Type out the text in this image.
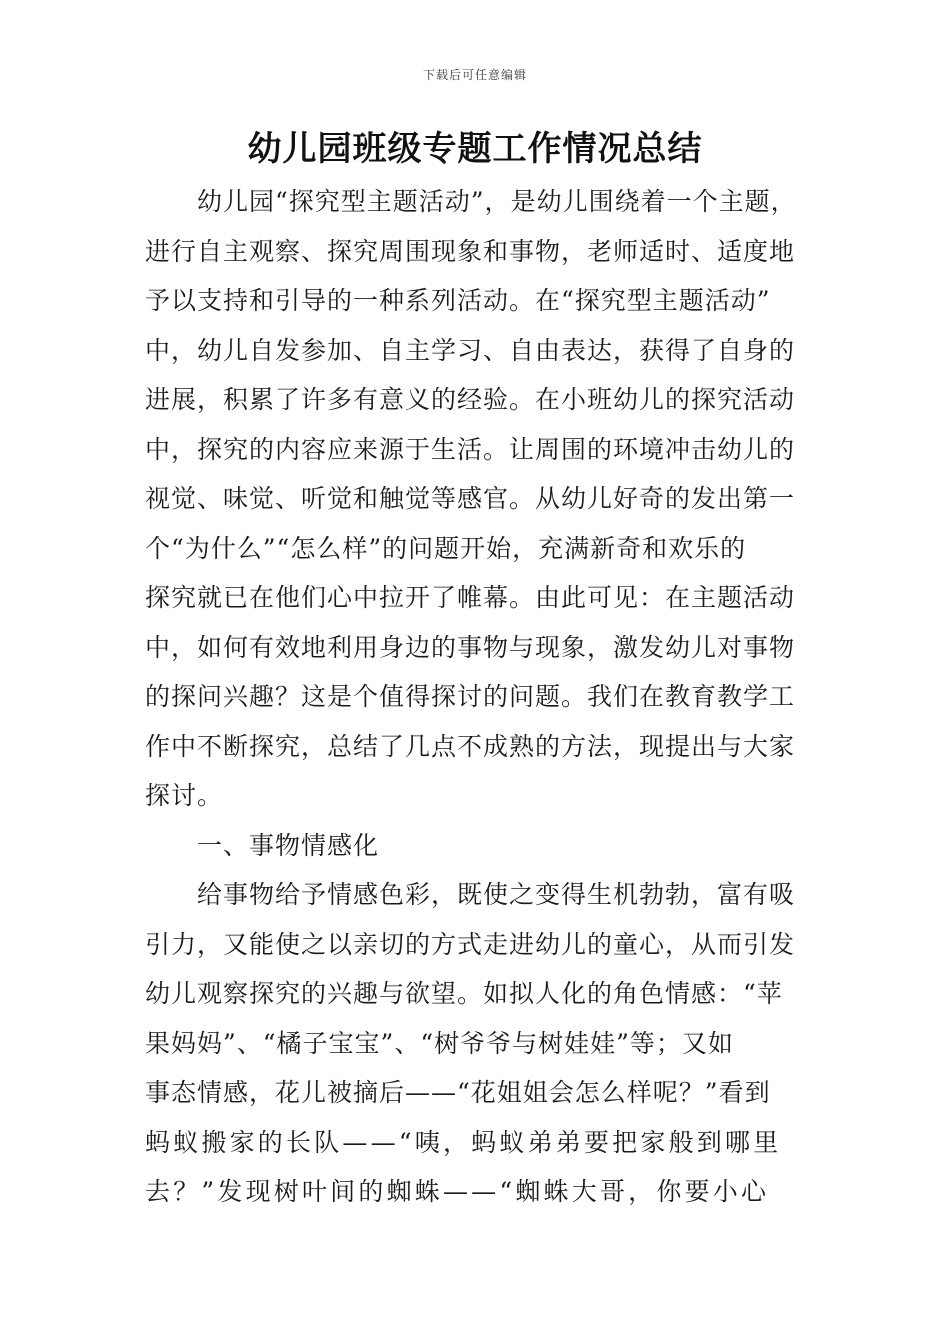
下载后可任意编辑
幼儿园班级专题工作情况总结
幼儿园“探究型主题活动”，是幼儿围绕着一个主题，
进行自主观察、探究周围现象和事物，老师适时、适度地
予以支持和引导的一种系列活动。在“探究型主题活动”
中，幼儿自发参加、自主学习、自由表达，获得了自身的
进展，积累了许多有意义的经验。在小班幼儿的探究活动
中，探究的内容应来源于生活。让周围的环境冲击幼儿的
视觉、味觉、听觉和触觉等感官。从幼儿好奇的发出第一
个“为什么”“怎么样”的问题开始，充满新奇和欢乐的
探究就已在他们心中拉开了帷幕。由此可见：在主题活动
中，如何有效地利用身边的事物与现象，激发幼儿对事物
的探问兴趣？这是个值得探讨的问题。我们在教育教学工
作中不断探究，总结了几点不成熟的方法，现提出与大家
探讨。
一、事物情感化
给事物给予情感色彩，既使之变得生机勃勃，富有吸
引力，又能使之以亲切的方式走进幼儿的童心，从而引发
幼儿观察探究的兴趣与欲望。如拟人化的角色情感：“苹
果妈妈”、“橘子宝宝”、“树爷爷与树娃娃”等；又如
事态情感，花儿被摘后——“花姐姐会怎么样呢？”看到
蚂蚁搬家的长队——“咦，蚂蚁弟弟要把家般到哪里
去？”发现树叶间的蜘蛛——“蜘蛛大哥，你要小心
